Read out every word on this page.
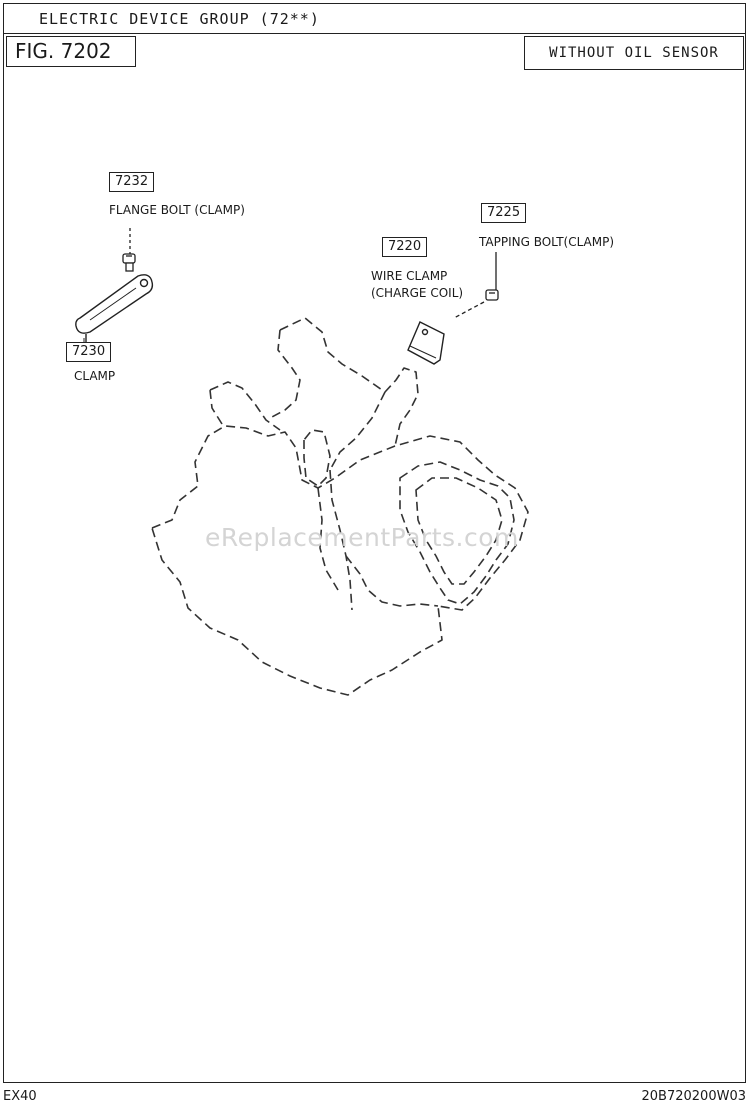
ELECTRIC DEVICE GROUP (72**)
FIG. 7202	WITHOUT OIL SENSOR
7232
FLANGE BOLT (CLAMP)
7230
CLAMP
7220
WIRE CLAMP
(CHARGE COIL)
7225
TAPPING BOLT(CLAMP)
eReplacementParts.com
EX40	20B720200W03
